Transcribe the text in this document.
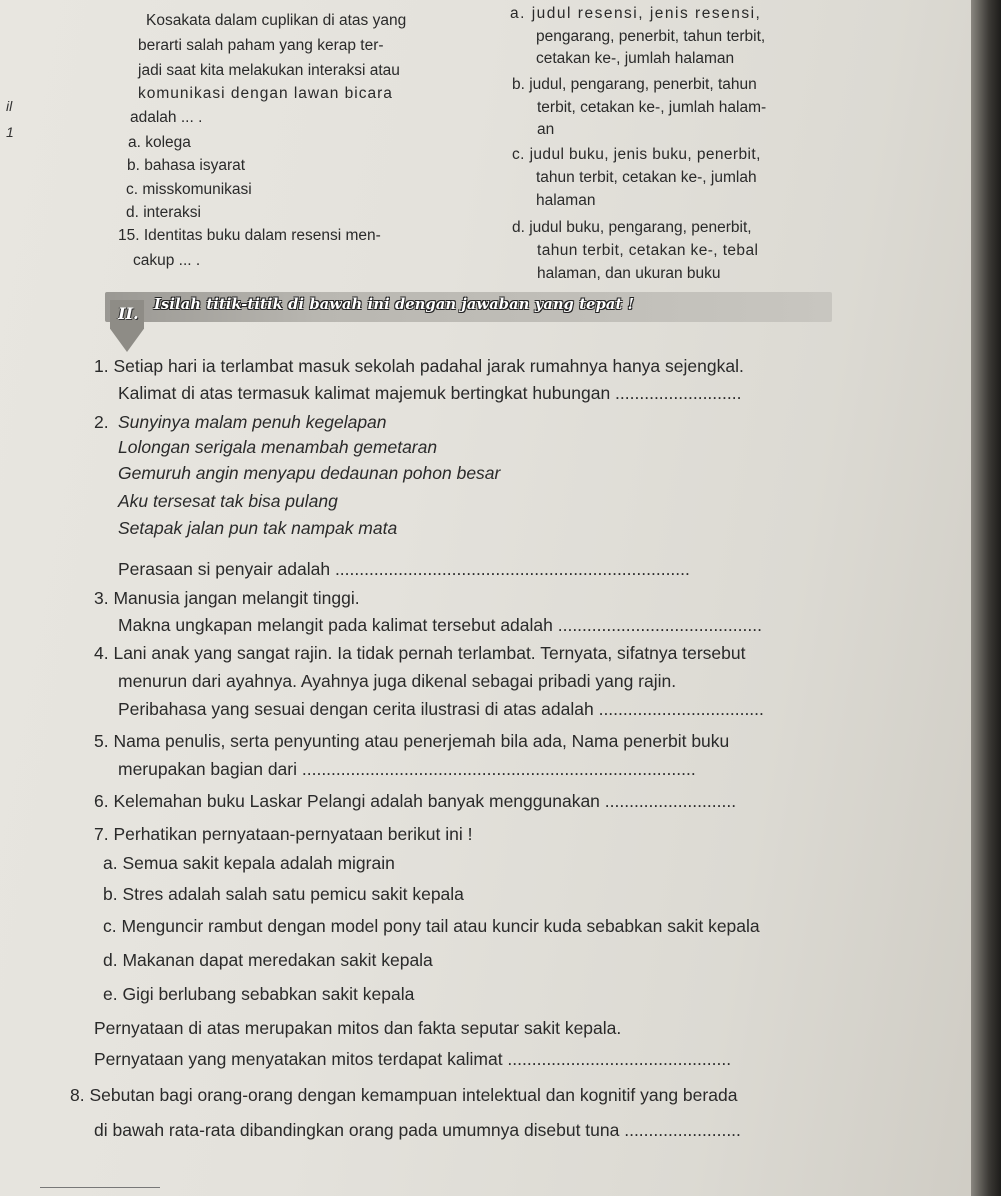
il
1
Kosakata dalam cuplikan di atas yang
berarti salah paham yang kerap ter-
jadi saat kita melakukan interaksi atau
komunikasi dengan lawan bicara
adalah ... .
a. kolega
b. bahasa isyarat
c. misskomunikasi
d. interaksi
15. Identitas buku dalam resensi men-
cakup ... .
a. judul resensi, jenis resensi,
pengarang, penerbit, tahun terbit,
cetakan ke-, jumlah halaman
b. judul, pengarang, penerbit, tahun
terbit, cetakan ke-, jumlah halam-
an
c. judul buku, jenis buku, penerbit,
tahun terbit, cetakan ke-, jumlah
halaman
d. judul buku, pengarang, penerbit,
tahun terbit, cetakan ke-, tebal
halaman, dan ukuran buku
II. Isilah titik-titik di bawah ini dengan jawaban yang tepat !
1. Setiap hari ia terlambat masuk sekolah padahal jarak rumahnya hanya sejengkal.
Kalimat di atas termasuk kalimat majemuk bertingkat hubungan ..........................
2. Sunyinya malam penuh kegelapan
Lolongan serigala menambah gemetaran
Gemuruh angin menyapu dedaunan pohon besar
Aku tersesat tak bisa pulang
Setapak jalan pun tak nampak mata
Perasaan si penyair adalah .........................................................................
3. Manusia jangan melangit tinggi.
Makna ungkapan melangit pada kalimat tersebut adalah ..........................................
4. Lani anak yang sangat rajin. Ia tidak pernah terlambat. Ternyata, sifatnya tersebut
menurun dari ayahnya. Ayahnya juga dikenal sebagai pribadi yang rajin.
Peribahasa yang sesuai dengan cerita ilustrasi di atas adalah ..................................
5. Nama penulis, serta penyunting atau penerjemah bila ada, Nama penerbit buku
merupakan bagian dari .................................................................................
6. Kelemahan buku Laskar Pelangi adalah banyak menggunakan ...........................
7. Perhatikan pernyataan-pernyataan berikut ini !
a. Semua sakit kepala adalah migrain
b. Stres adalah salah satu pemicu sakit kepala
c. Menguncir rambut dengan model pony tail atau kuncir kuda sebabkan sakit kepala
d. Makanan dapat meredakan sakit kepala
e. Gigi berlubang sebabkan sakit kepala
Pernyataan di atas merupakan mitos dan fakta seputar sakit kepala.
Pernyataan yang menyatakan mitos terdapat kalimat ..............................................
8. Sebutan bagi orang-orang dengan kemampuan intelektual dan kognitif yang berada
di bawah rata-rata dibandingkan orang pada umumnya disebut tuna ........................
